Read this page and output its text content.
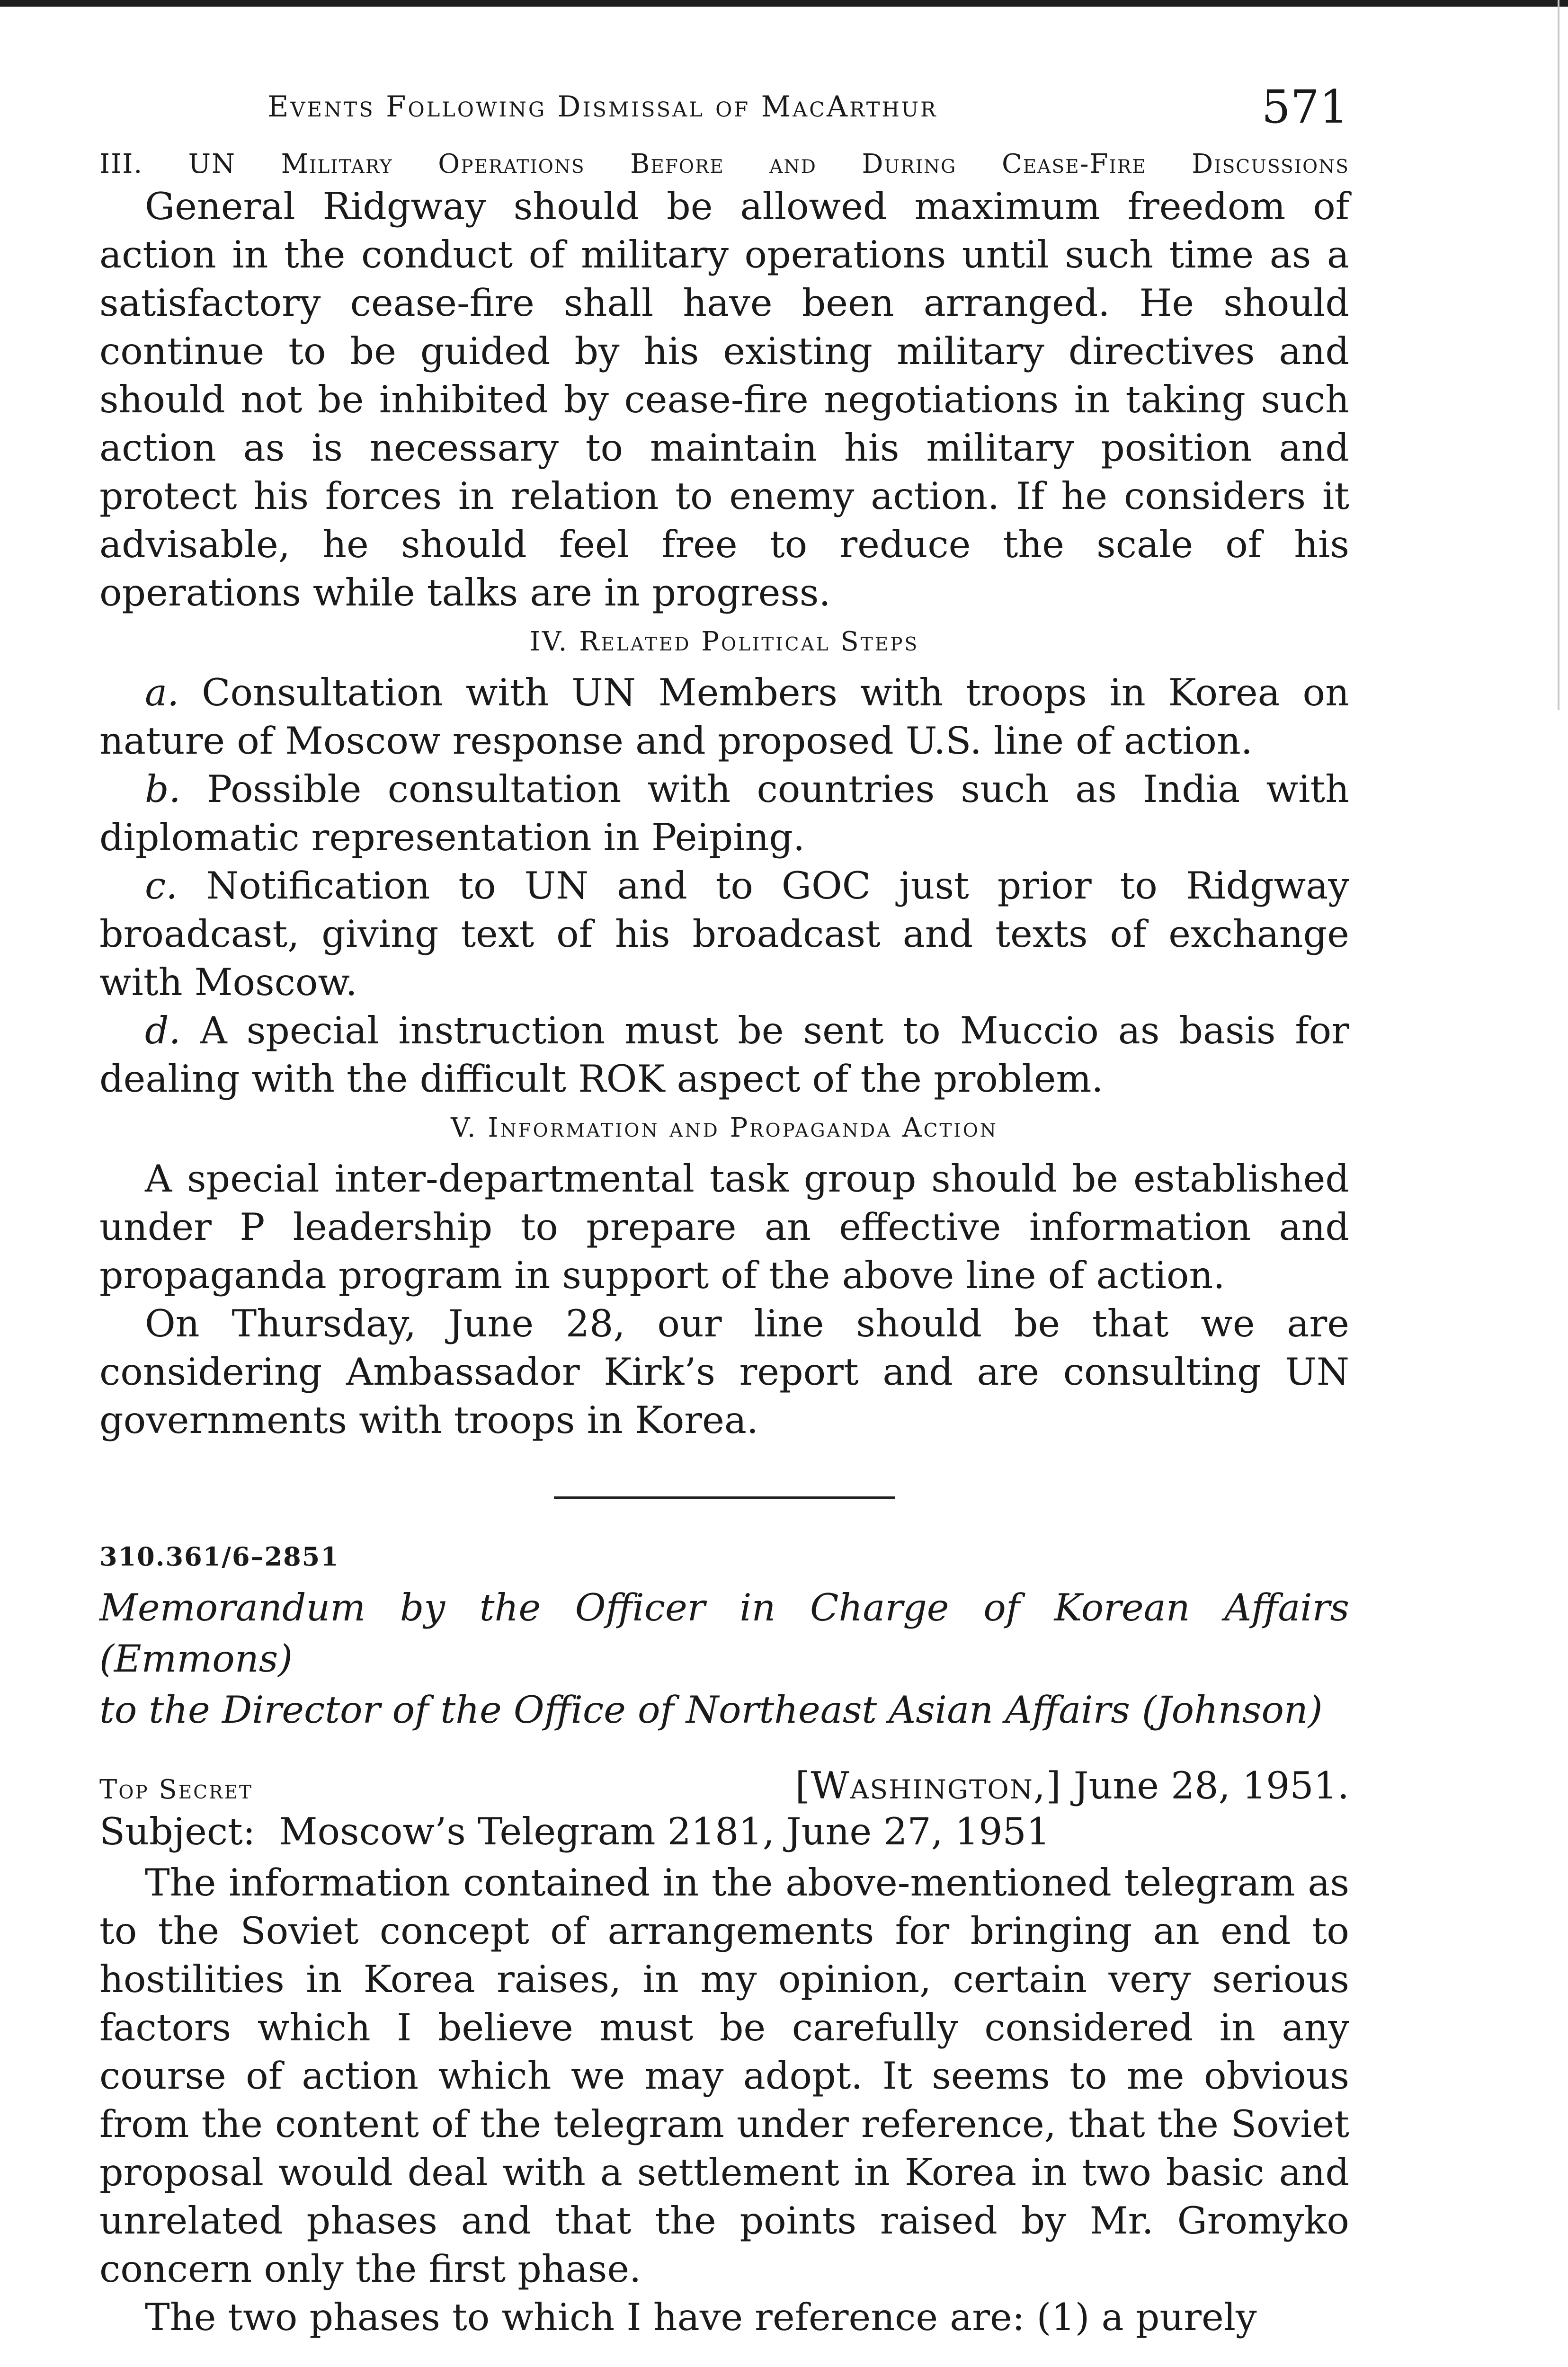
Events Following Dismissal of MacArthur	571

III. UN Military Operations Before and During Cease-Fire Discussions

General Ridgway should be allowed maximum freedom of action in the conduct of military operations until such time as a satisfactory cease-fire shall have been arranged. He should continue to be guided by his existing military directives and should not be inhibited by cease-fire negotiations in taking such action as is necessary to maintain his military position and protect his forces in relation to enemy action. If he considers it advisable, he should feel free to reduce the scale of his operations while talks are in progress.

IV. Related Political Steps

a. Consultation with UN Members with troops in Korea on nature of Moscow response and proposed U.S. line of action.

b. Possible consultation with countries such as India with diplomatic representation in Peiping.

c. Notification to UN and to GOC just prior to Ridgway broadcast, giving text of his broadcast and texts of exchange with Moscow.

d. A special instruction must be sent to Muccio as basis for dealing with the difficult ROK aspect of the problem.

V. Information and Propaganda Action

A special inter-departmental task group should be established under P leadership to prepare an effective information and propaganda program in support of the above line of action.

On Thursday, June 28, our line should be that we are considering Ambassador Kirk’s report and are consulting UN governments with troops in Korea.

310.361/6–2851

Memorandum by the Officer in Charge of Korean Affairs (Emmons)

to the Director of the Office of Northeast Asian Affairs (Johnson)

Top Secret	[Washington,] June 28, 1951.

Subject: Moscow’s Telegram 2181, June 27, 1951

The information contained in the above-mentioned telegram as to the Soviet concept of arrangements for bringing an end to hostilities in Korea raises, in my opinion, certain very serious factors which I believe must be carefully considered in any course of action which we may adopt. It seems to me obvious from the content of the telegram under reference, that the Soviet proposal would deal with a settlement in Korea in two basic and unrelated phases and that the points raised by Mr. Gromyko concern only the first phase.

The two phases to which I have reference are: (1) a purely
